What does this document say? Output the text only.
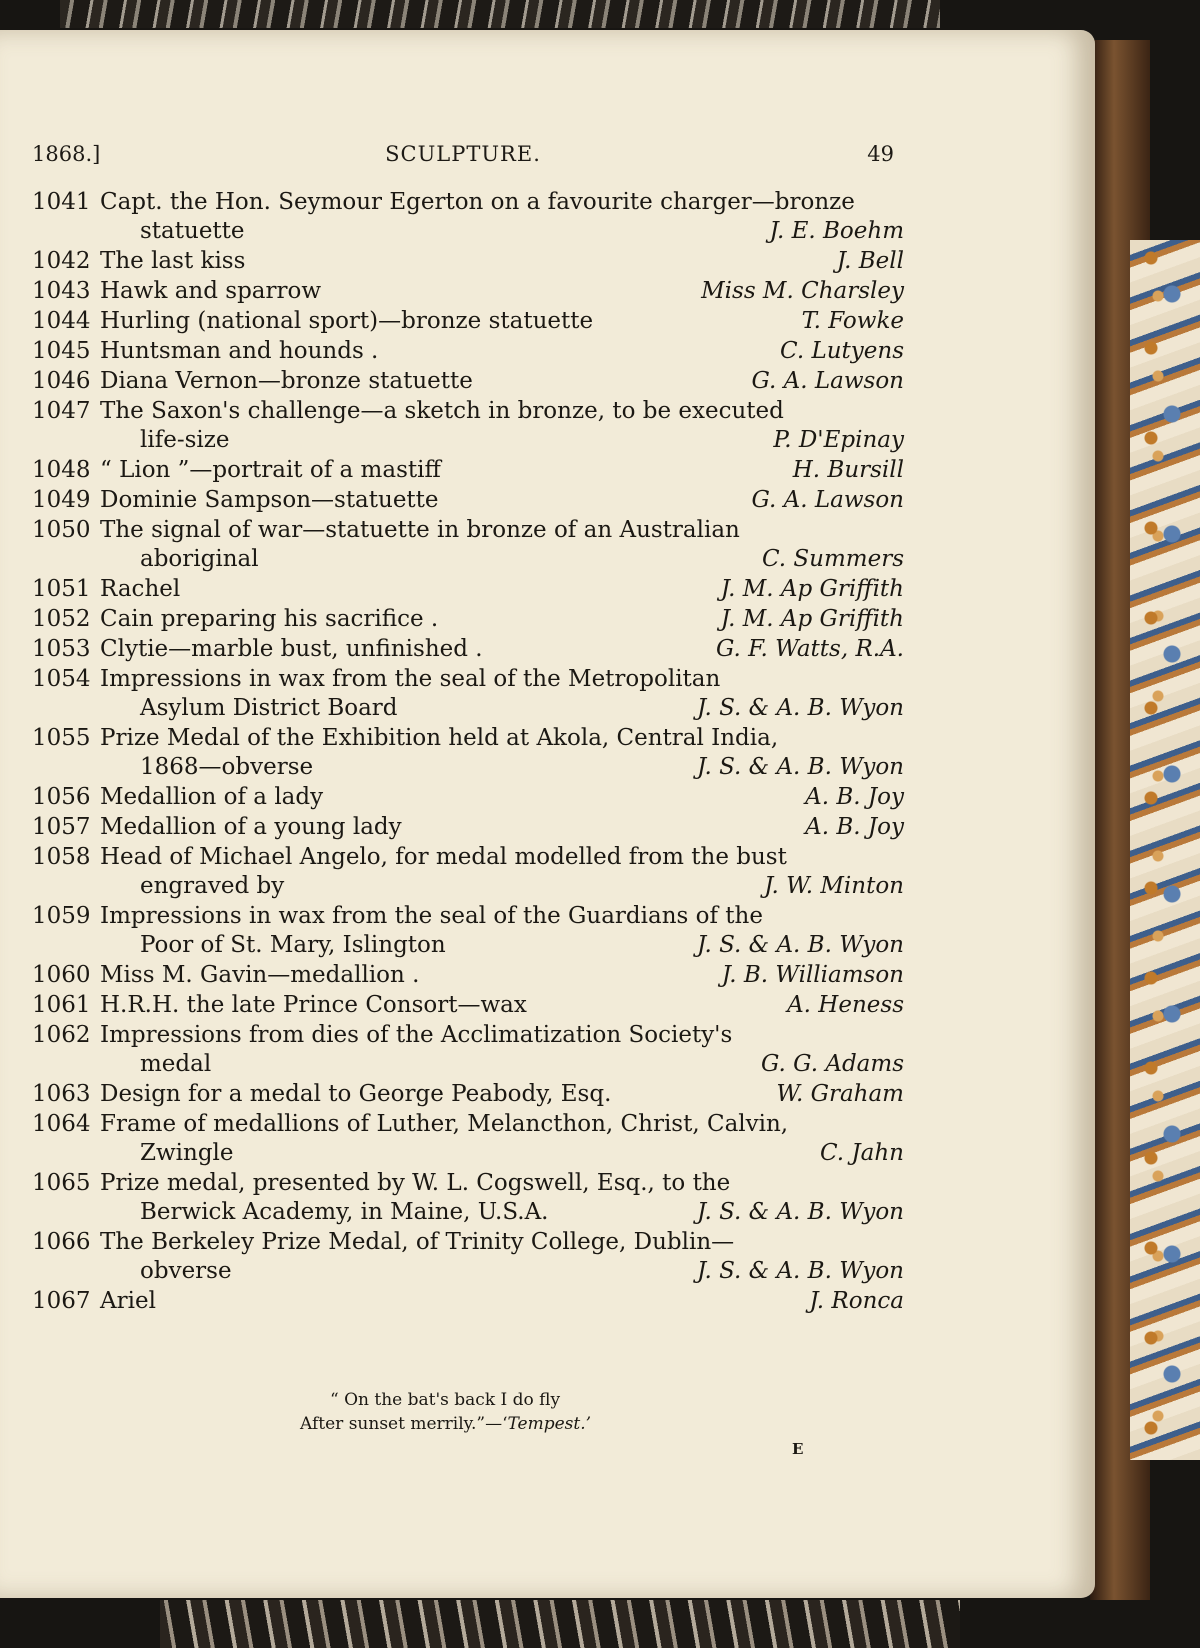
1868.]	SCULPTURE.	49
1041 Capt. the Hon. Seymour Egerton on a favourite charger—bronze
statuette	J. E. Boehm
1042 The last kiss	J. Bell
1043 Hawk and sparrow	Miss M. Charsley
1044 Hurling (national sport)—bronze statuette	T. Fowke
1045 Huntsman and hounds .	C. Lutyens
1046 Diana Vernon—bronze statuette	G. A. Lawson
1047 The Saxon's challenge—a sketch in bronze, to be executed
life-size	P. D'Epinay
1048 “ Lion ”—portrait of a mastiff	H. Bursill
1049 Dominie Sampson—statuette	G. A. Lawson
1050 The signal of war—statuette in bronze of an Australian
aboriginal	C. Summers
1051 Rachel	J. M. Ap Griffith
1052 Cain preparing his sacrifice .	J. M. Ap Griffith
1053 Clytie—marble bust, unfinished .	G. F. Watts, R.A.
1054 Impressions in wax from the seal of the Metropolitan
Asylum District Board	J. S. & A. B. Wyon
1055 Prize Medal of the Exhibition held at Akola, Central India,
1868—obverse	J. S. & A. B. Wyon
1056 Medallion of a lady	A. B. Joy
1057 Medallion of a young lady	A. B. Joy
1058 Head of Michael Angelo, for medal modelled from the bust
engraved by	J. W. Minton
1059 Impressions in wax from the seal of the Guardians of the
Poor of St. Mary, Islington	J. S. & A. B. Wyon
1060 Miss M. Gavin—medallion .	J. B. Williamson
1061 H.R.H. the late Prince Consort—wax	A. Heness
1062 Impressions from dies of the Acclimatization Society's
medal	G. G. Adams
1063 Design for a medal to George Peabody, Esq.	W. Graham
1064 Frame of medallions of Luther, Melancthon, Christ, Calvin,
Zwingle	C. Jahn
1065 Prize medal, presented by W. L. Cogswell, Esq., to the
Berwick Academy, in Maine, U.S.A.	J. S. & A. B. Wyon
1066 The Berkeley Prize Medal, of Trinity College, Dublin—
obverse	J. S. & A. B. Wyon
1067 Ariel	J. Ronca
“ On the bat's back I do fly
After sunset merrily.”—‘Tempest.’
E
